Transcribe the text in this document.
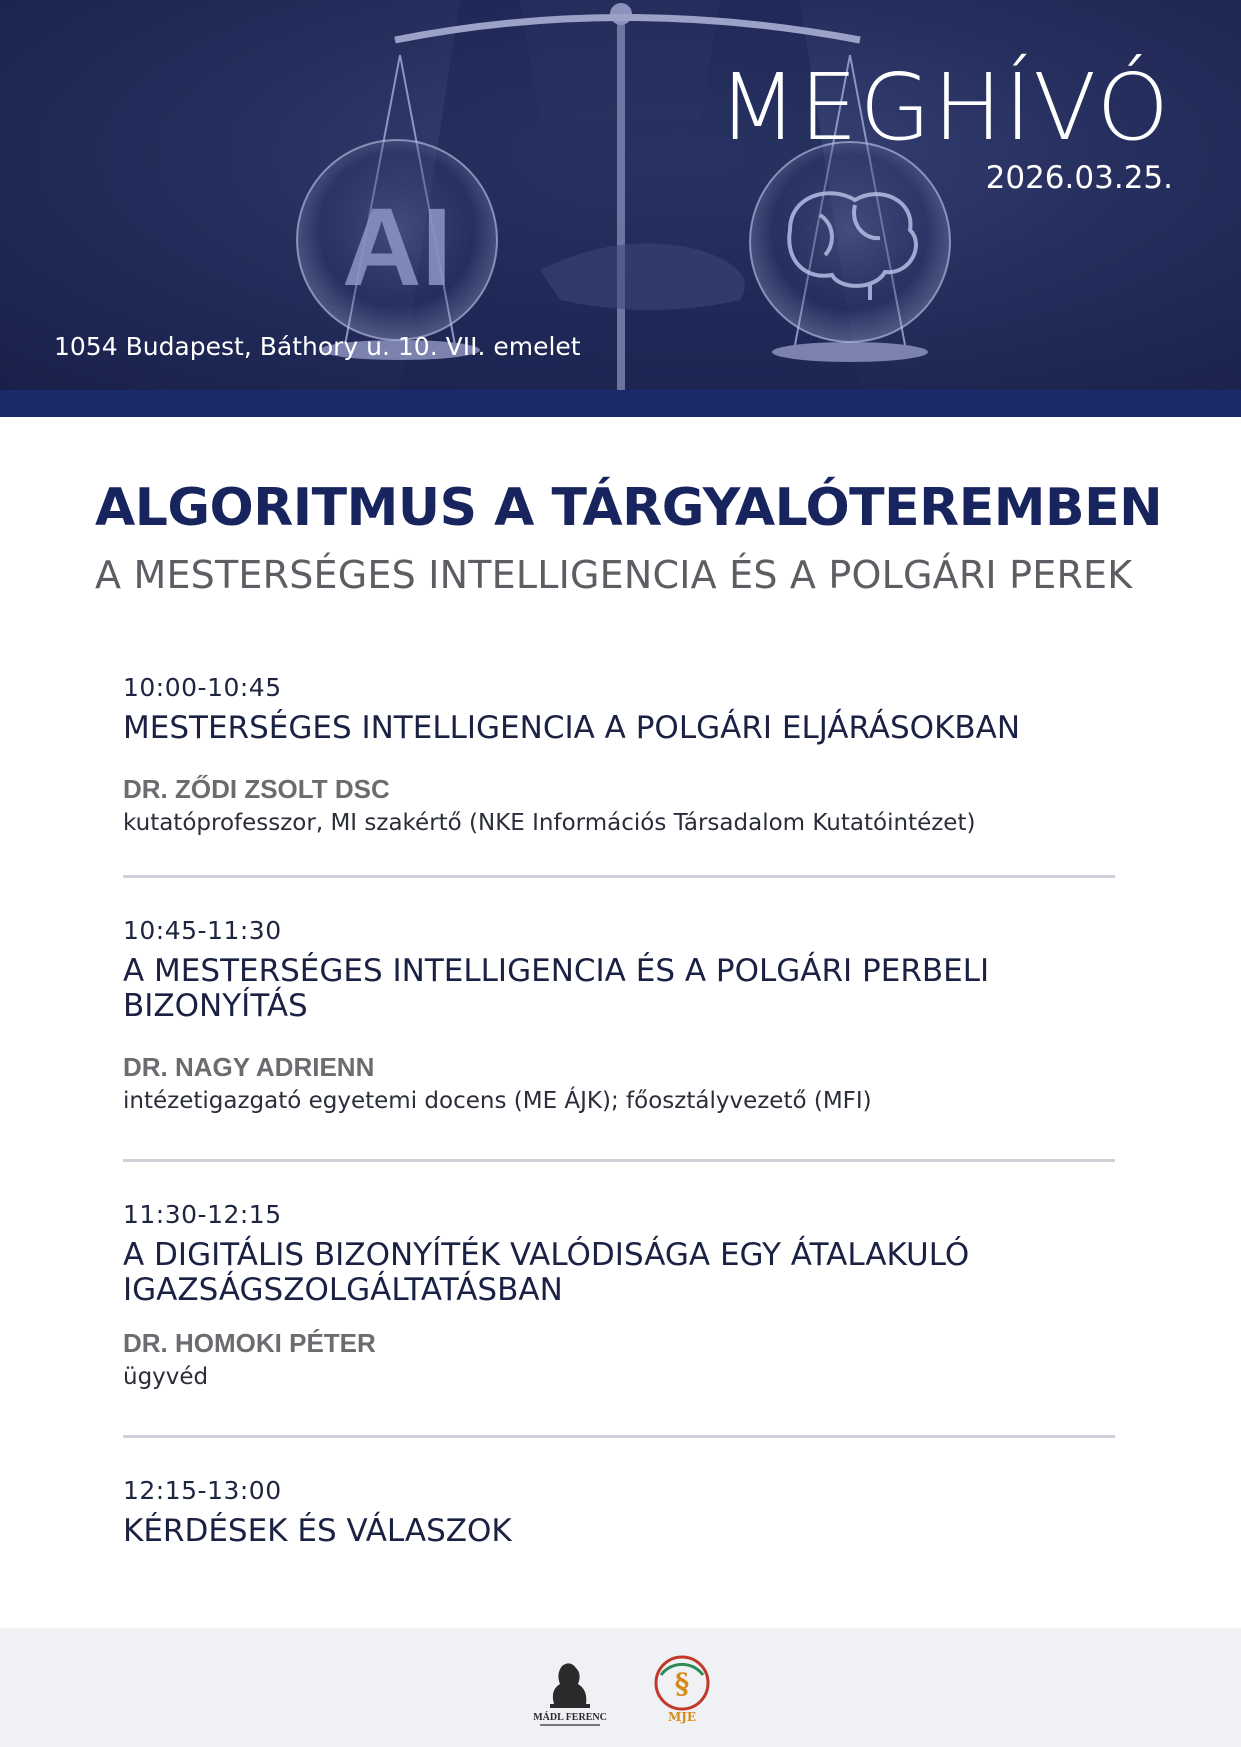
AI
MEGHÍVÓ
2026.03.25.
1054 Budapest, Báthory u. 10. VII. emelet
ALGORITMUS A TÁRGYALÓTEREMBEN
A MESTERSÉGES INTELLIGENCIA ÉS A POLGÁRI PEREK
10:00-10:45
MESTERSÉGES INTELLIGENCIA A POLGÁRI ELJÁRÁSOKBAN
DR. ZŐDI ZSOLT DSC
kutatóprofesszor, MI szakértő (NKE Információs Társadalom Kutatóintézet)
10:45-11:30
A MESTERSÉGES INTELLIGENCIA ÉS A POLGÁRI PERBELI BIZONYÍTÁS
DR. NAGY ADRIENN
intézetigazgató egyetemi docens (ME ÁJK); főosztályvezető (MFI)
11:30-12:15
A DIGITÁLIS BIZONYÍTÉK VALÓDISÁGA EGY ÁTALAKULÓ IGAZSÁGSZOLGÁLTATÁSBAN
DR. HOMOKI PÉTER
ügyvéd
12:15-13:00
KÉRDÉSEK ÉS VÁLASZOK
MÁDL FERENC
§
MJE
